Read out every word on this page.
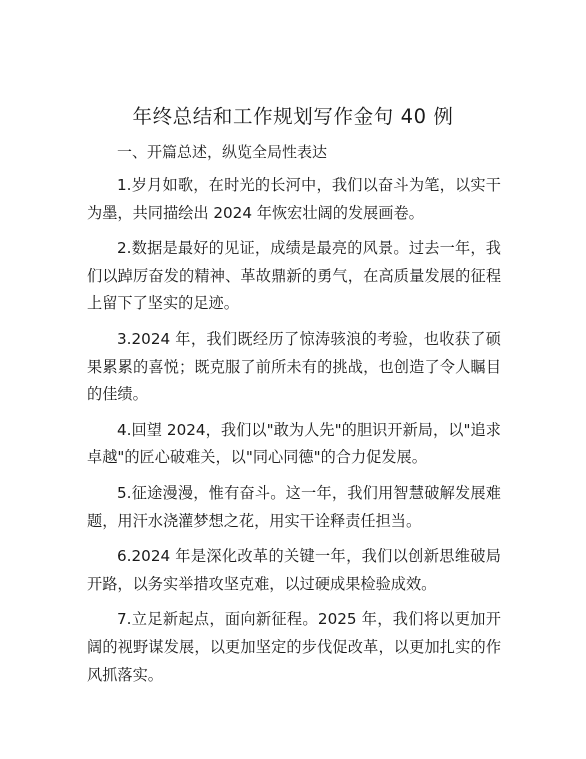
年终总结和工作规划写作金句 40 例
一、开篇总述，纵览全局性表达

1.岁月如歌，在时光的长河中，我们以奋斗为笔，以实干为墨，共同描绘出 2024 年恢宏壮阔的发展画卷。

2.数据是最好的见证，成绩是最亮的风景。过去一年，我们以踔厉奋发的精神、革故鼎新的勇气，在高质量发展的征程上留下了坚实的足迹。

3.2024 年，我们既经历了惊涛骇浪的考验，也收获了硕果累累的喜悦；既克服了前所未有的挑战，也创造了令人瞩目的佳绩。

4.回望 2024，我们以"敢为人先"的胆识开新局，以"追求卓越"的匠心破难关，以"同心同德"的合力促发展。

5.征途漫漫，惟有奋斗。这一年，我们用智慧破解发展难题，用汗水浇灌梦想之花，用实干诠释责任担当。

6.2024 年是深化改革的关键一年，我们以创新思维破局开路，以务实举措攻坚克难，以过硬成果检验成效。

7.立足新起点，面向新征程。2025 年，我们将以更加开阔的视野谋发展，以更加坚定的步伐促改革，以更加扎实的作风抓落实。
